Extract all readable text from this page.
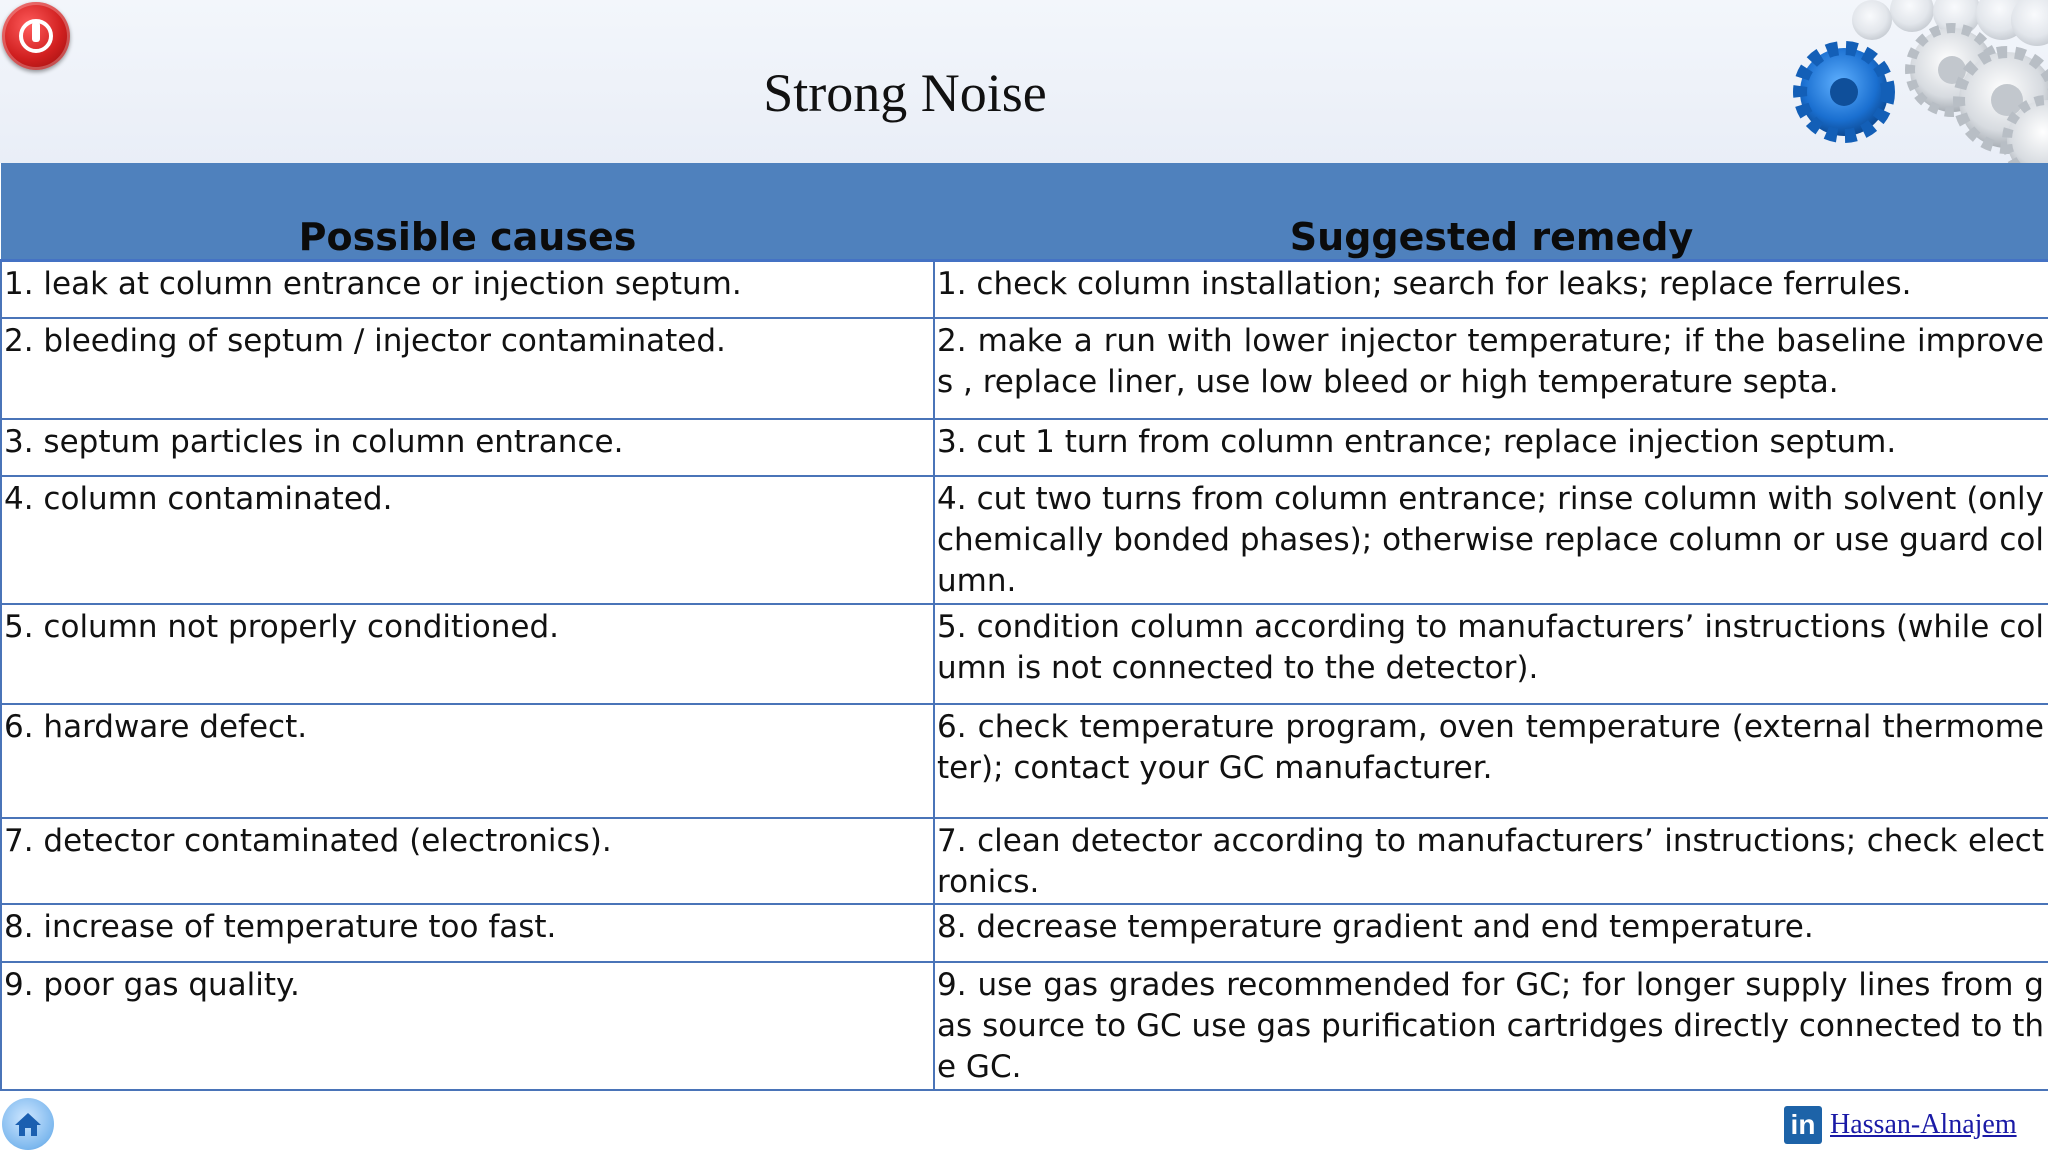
Strong Noise
Possible causes	Suggested remedy
1. leak at column entrance or injection septum.	1. check column installation; search for leaks; replace ferrules.
2. bleeding of septum / injector contaminated.	2. make a run with lower injector temperature; if the baseline improves , replace liner, use low bleed or high temperature septa.
3. septum particles in column entrance.	3. cut 1 turn from column entrance; replace injection septum.
4. column contaminated.	4. cut two turns from column entrance; rinse column with solvent (only chemically bonded phases); otherwise replace column or use guard column.
5. column not properly conditioned.	5. condition column according to manufacturers’ instructions (while column is not connected to the detector).
6. hardware defect.	6. check temperature program, oven temperature (external thermometer); contact your GC manufacturer.
7. detector contaminated (electronics).	7. clean detector according to manufacturers’ instructions; check electronics.
8. increase of temperature too fast.	8. decrease temperature gradient and end temperature.
9. poor gas quality.	9. use gas grades recommended for GC; for longer supply lines from gas source to GC use gas purification cartridges directly connected to the GC.
in Hassan-Alnajem
